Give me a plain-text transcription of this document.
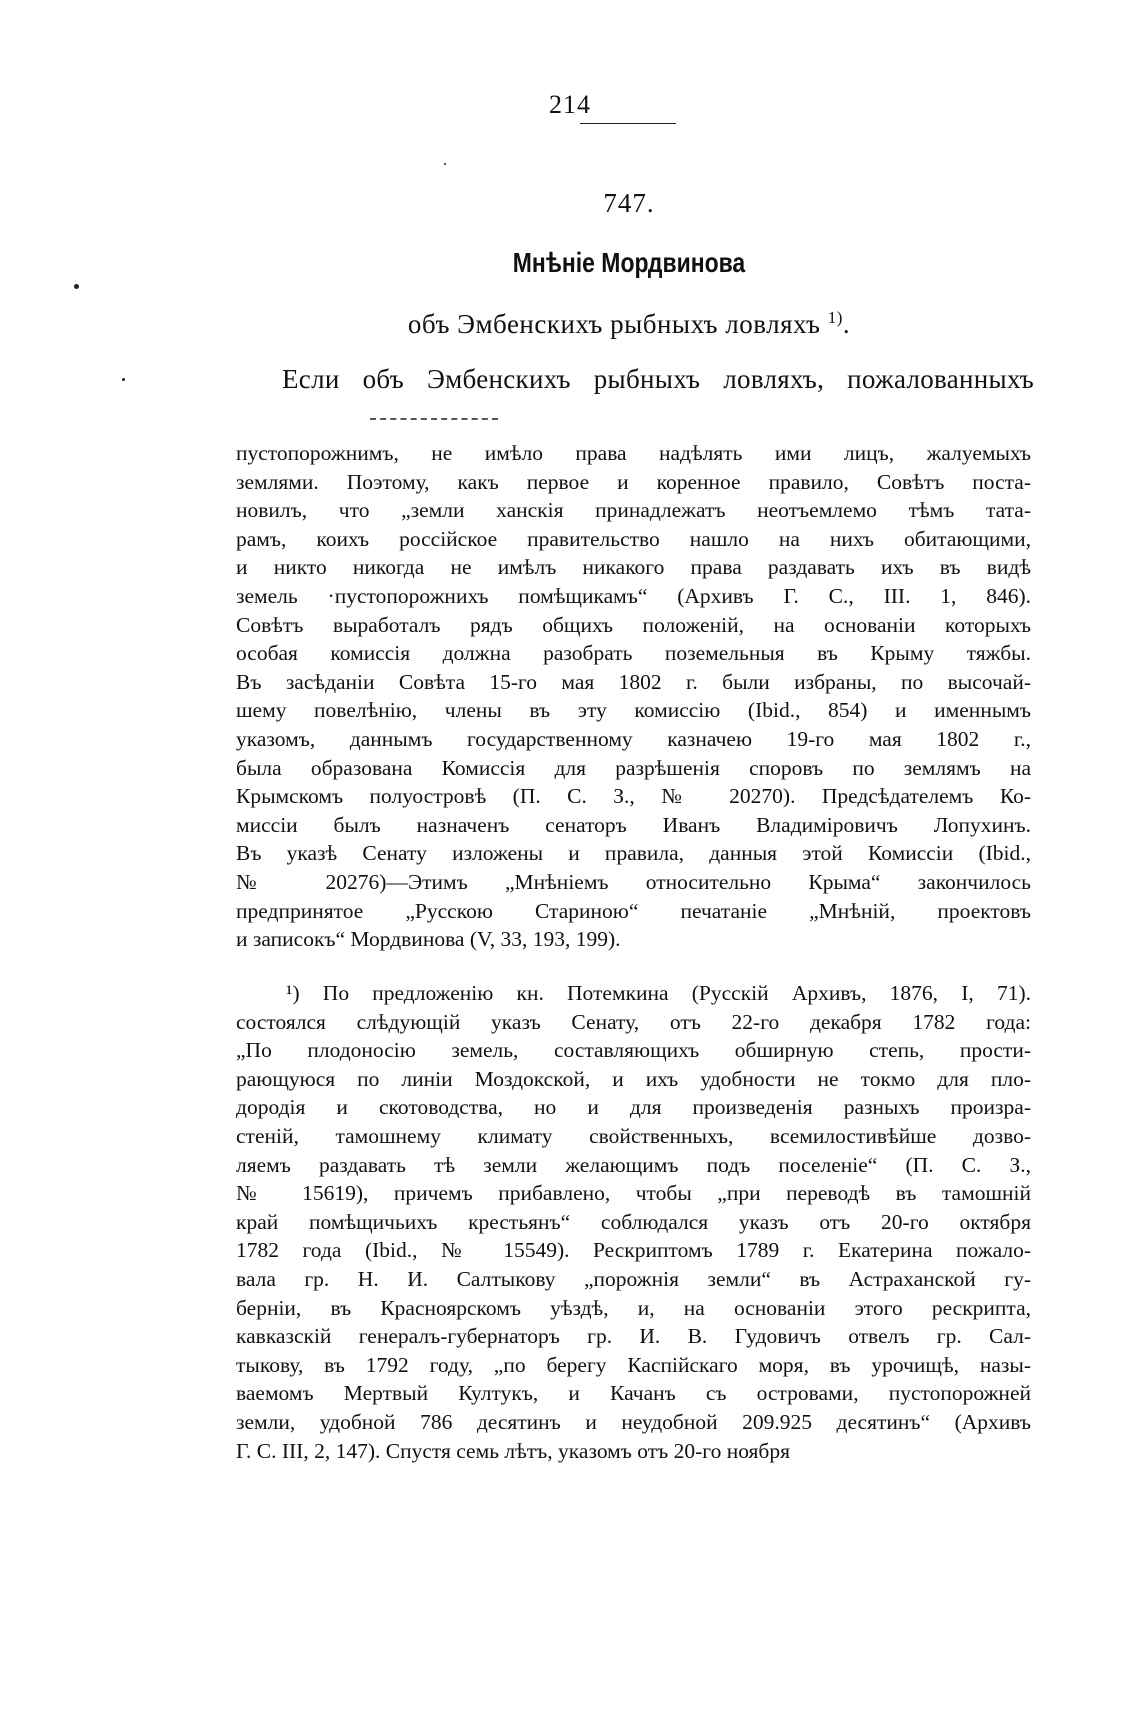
214
747.
Мнѣніе Мордвинова
объ Эмбенскихъ рыбныхъ ловляхъ $^{1)}$.
Если объ Эмбенскихъ рыбныхъ ловляхъ, пожалованныхъ
пустопорожнимъ, не имѣло права надѣлять ими лицъ, жалуемыхъ
землями. Поэтому, какъ первое и коренное правило, Совѣтъ поста-
новилъ, что „земли ханскія принадлежатъ неотъемлемо тѣмъ тата-
рамъ, коихъ россійское правительство нашло на нихъ обитающими,
и никто никогда не имѣлъ никакого права раздавать ихъ въ видѣ
земель ·пустопорожнихъ помѣщикамъ“ (Архивъ Г. С., III. 1, 846).
Совѣтъ выработалъ рядъ общихъ положеній, на основаніи которыхъ
особая комиссія должна разобрать поземельныя въ Крыму тяжбы.
Въ засѣданіи Совѣта 15-го мая 1802 г. были избраны, по высочай-
шему повелѣнію, члены въ эту комиссію (Ibid., 854) и именнымъ
указомъ, даннымъ государственному казначею 19-го мая 1802 г.,
была образована Комиссія для разрѣшенія споровъ по землямъ на
Крымскомъ полуостровѣ (П. С. З., № 20270). Предсѣдателемъ Ко-
миссіи былъ назначенъ сенаторъ Иванъ Владиміровичъ Лопухинъ.
Въ указѣ Сенату изложены и правила, данныя этой Комиссіи (Ibid.,
№ 20276)—Этимъ „Мнѣніемъ относительно Крыма“ закончилось
предпринятое „Русскою Стариною“ печатаніе „Мнѣній, проектовъ
и записокъ“ Мордвинова (V, 33, 193, 199).
¹) По предложенію кн. Потемкина (Русскій Архивъ, 1876, I, 71).
состоялся слѣдующій указъ Сенату, отъ 22-го декабря 1782 года:
„По плодоносію земель, составляющихъ обширную степь, прости-
рающуюся по линіи Моздокской, и ихъ удобности не токмо для пло-
дородія и скотоводства, но и для произведенія разныхъ произра-
стеній, тамошнему климату свойственныхъ, всемилостивѣйше дозво-
ляемъ раздавать тѣ земли желающимъ подъ поселеніе“ (П. С. З.,
№ 15619), причемъ прибавлено, чтобы „при переводѣ въ тамошній
край помѣщичьихъ крестьянъ“ соблюдался указъ отъ 20-го октября
1782 года (Ibid., № 15549). Рескриптомъ 1789 г. Екатерина пожало-
вала гр. Н. И. Салтыкову „порожнія земли“ въ Астраханской гу-
берніи, въ Красноярскомъ уѣздѣ, и, на основаніи этого рескрипта,
кавказскій генералъ-губернаторъ гр. И. В. Гудовичъ отвелъ гр. Сал-
тыкову, въ 1792 году, „по берегу Каспійскаго моря, въ урочищѣ, назы-
ваемомъ Мертвый Култукъ, и Качанъ съ островами, пустопорожней
земли, удобной 786 десятинъ и неудобной 209.925 десятинъ“ (Архивъ
Г. С. III, 2, 147). Спустя семь лѣтъ, указомъ отъ 20-го ноября
